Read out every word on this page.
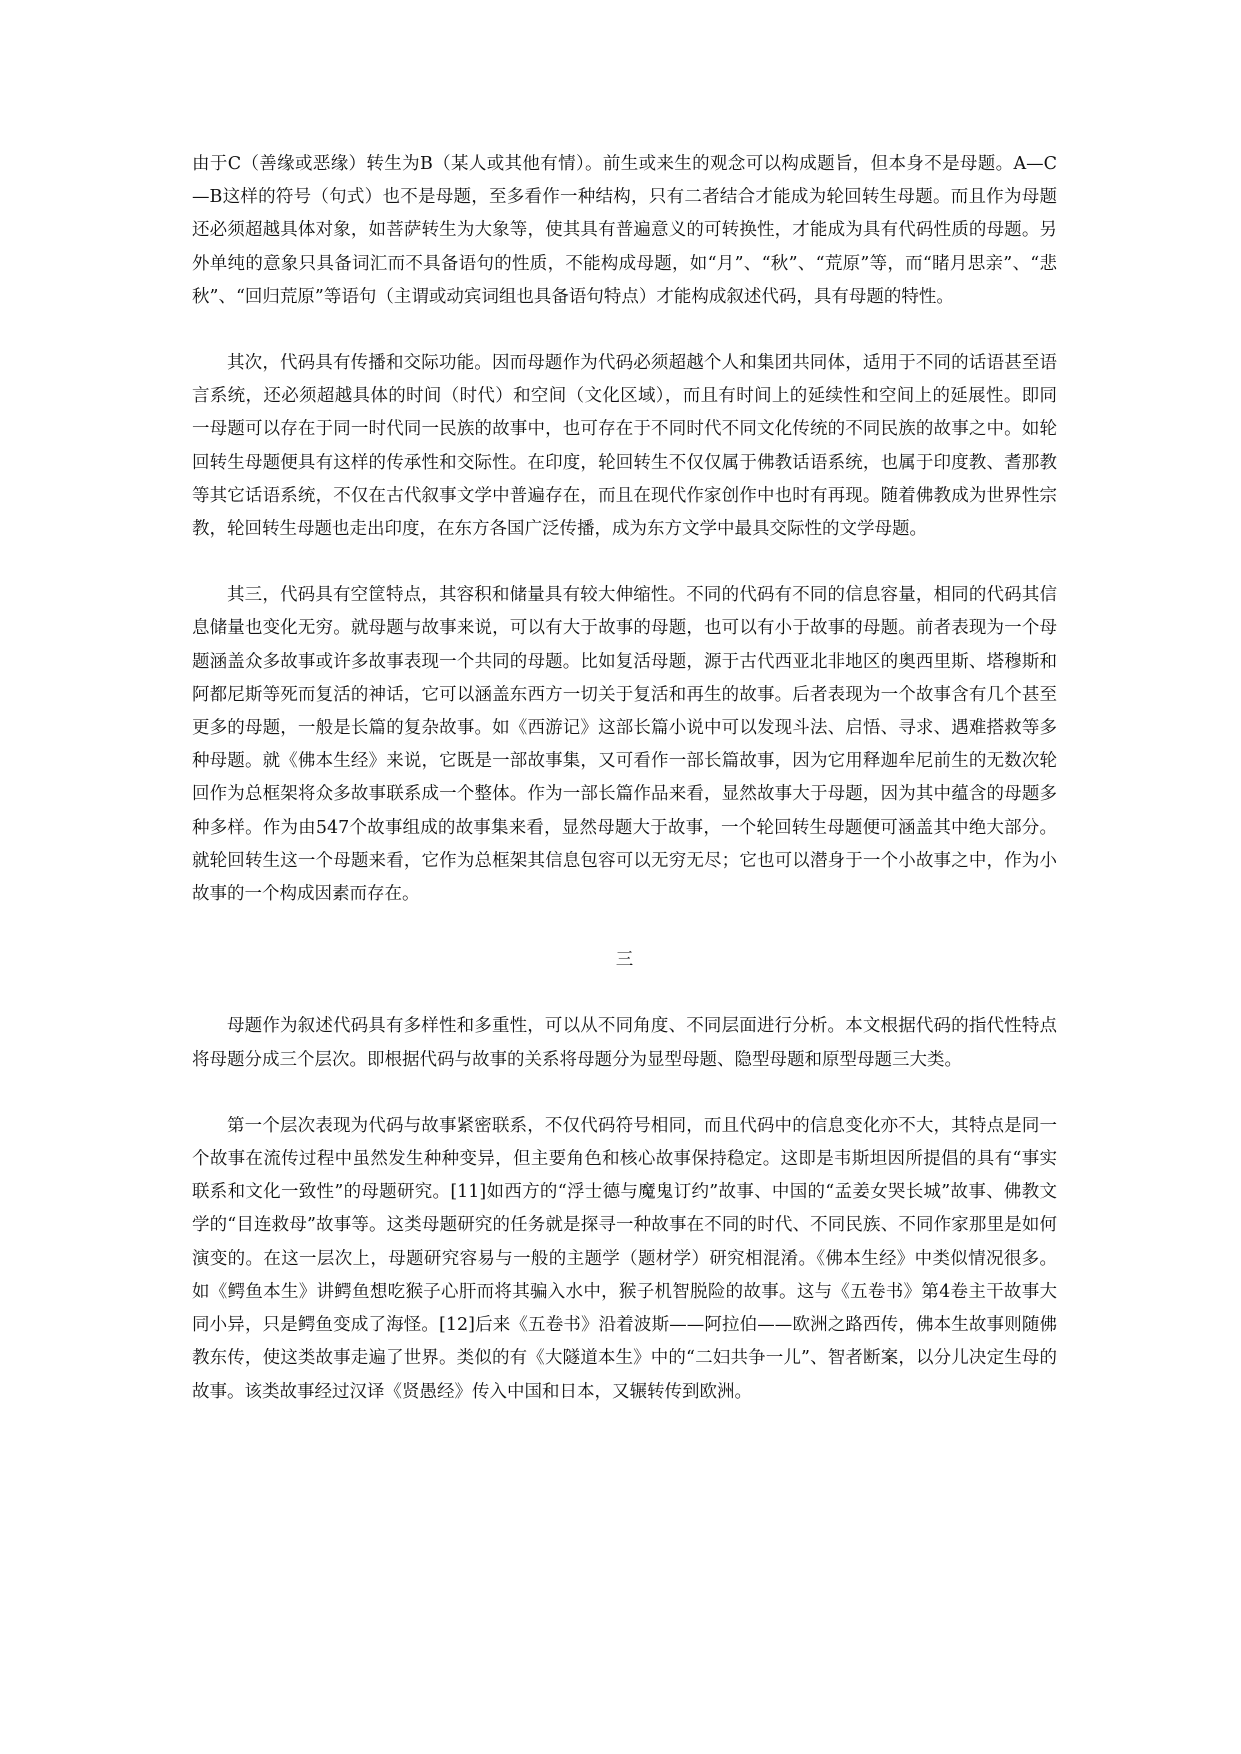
由于C（善缘或恶缘）转生为B（某人或其他有情）。前生或来生的观念可以构成题旨，但本身不是母题。A—C—B这样的符号（句式）也不是母题，至多看作一种结构，只有二者结合才能成为轮回转生母题。而且作为母题还必须超越具体对象，如菩萨转生为大象等，使其具有普遍意义的可转换性，才能成为具有代码性质的母题。另外单纯的意象只具备词汇而不具备语句的性质，不能构成母题，如“月”、“秋”、“荒原”等，而“睹月思亲”、“悲秋”、“回归荒原”等语句（主谓或动宾词组也具备语句特点）才能构成叙述代码，具有母题的特性。

其次，代码具有传播和交际功能。因而母题作为代码必须超越个人和集团共同体，适用于不同的话语甚至语言系统，还必须超越具体的时间（时代）和空间（文化区域），而且有时间上的延续性和空间上的延展性。即同一母题可以存在于同一时代同一民族的故事中，也可存在于不同时代不同文化传统的不同民族的故事之中。如轮回转生母题便具有这样的传承性和交际性。在印度，轮回转生不仅仅属于佛教话语系统，也属于印度教、耆那教等其它话语系统，不仅在古代叙事文学中普遍存在，而且在现代作家创作中也时有再现。随着佛教成为世界性宗教，轮回转生母题也走出印度，在东方各国广泛传播，成为东方文学中最具交际性的文学母题。

其三，代码具有空筐特点，其容积和储量具有较大伸缩性。不同的代码有不同的信息容量，相同的代码其信息储量也变化无穷。就母题与故事来说，可以有大于故事的母题，也可以有小于故事的母题。前者表现为一个母题涵盖众多故事或许多故事表现一个共同的母题。比如复活母题，源于古代西亚北非地区的奥西里斯、塔穆斯和阿都尼斯等死而复活的神话，它可以涵盖东西方一切关于复活和再生的故事。后者表现为一个故事含有几个甚至更多的母题，一般是长篇的复杂故事。如《西游记》这部长篇小说中可以发现斗法、启悟、寻求、遇难搭救等多种母题。就《佛本生经》来说，它既是一部故事集，又可看作一部长篇故事，因为它用释迦牟尼前生的无数次轮回作为总框架将众多故事联系成一个整体。作为一部长篇作品来看，显然故事大于母题，因为其中蕴含的母题多种多样。作为由547个故事组成的故事集来看，显然母题大于故事，一个轮回转生母题便可涵盖其中绝大部分。就轮回转生这一个母题来看，它作为总框架其信息包容可以无穷无尽；它也可以潜身于一个小故事之中，作为小故事的一个构成因素而存在。

三

母题作为叙述代码具有多样性和多重性，可以从不同角度、不同层面进行分析。本文根据代码的指代性特点将母题分成三个层次。即根据代码与故事的关系将母题分为显型母题、隐型母题和原型母题三大类。

第一个层次表现为代码与故事紧密联系，不仅代码符号相同，而且代码中的信息变化亦不大，其特点是同一个故事在流传过程中虽然发生种种变异，但主要角色和核心故事保持稳定。这即是韦斯坦因所提倡的具有“事实联系和文化一致性”的母题研究。[11]如西方的“浮士德与魔鬼订约”故事、中国的“孟姜女哭长城”故事、佛教文学的“目连救母”故事等。这类母题研究的任务就是探寻一种故事在不同的时代、不同民族、不同作家那里是如何演变的。在这一层次上，母题研究容易与一般的主题学（题材学）研究相混淆。《佛本生经》中类似情况很多。如《鳄鱼本生》讲鳄鱼想吃猴子心肝而将其骗入水中，猴子机智脱险的故事。这与《五卷书》第4卷主干故事大同小异，只是鳄鱼变成了海怪。[12]后来《五卷书》沿着波斯——阿拉伯——欧洲之路西传，佛本生故事则随佛教东传，使这类故事走遍了世界。类似的有《大隧道本生》中的“二妇共争一儿”、智者断案，以分儿决定生母的故事。该类故事经过汉译《贤愚经》传入中国和日本，又辗转传到欧洲。
